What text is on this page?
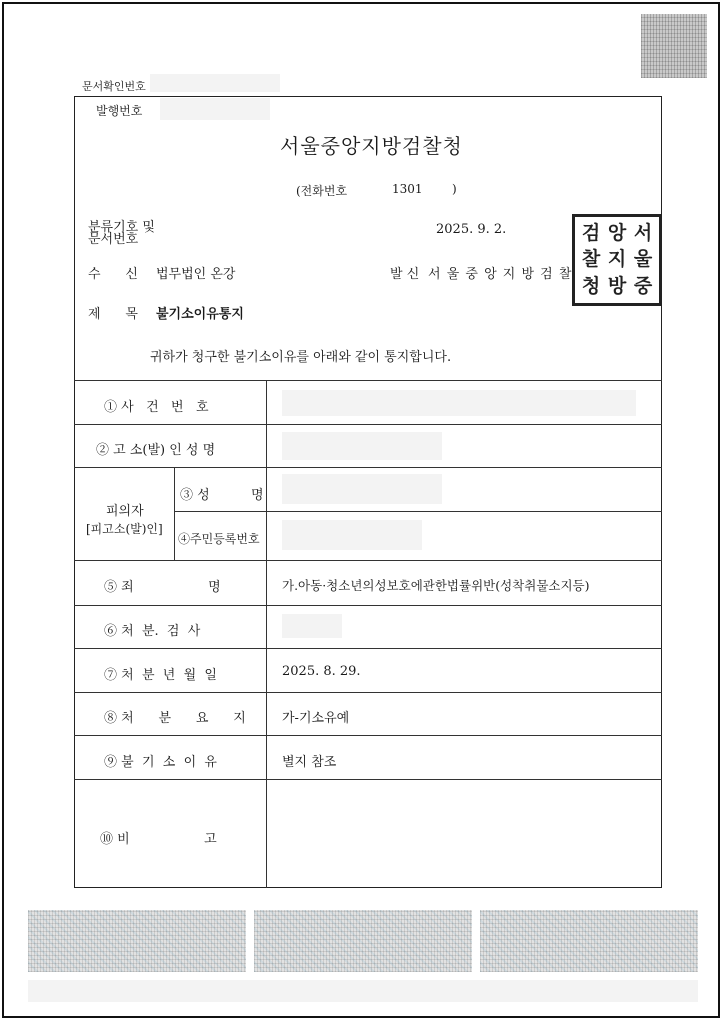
문서확인번호
발행번호
서울중앙지방검찰청
(전화번호	1301 )
분류기호 및
문서번호
2025. 9. 2.
수      신 법무법인 온강	발 신 서 울 중 앙 지 방 검 찰
검 앙 서
찰 지 울
청 방 중
제      목 불기소이유통지
귀하가 청구한 불기소이유를 아래와 같이 통지합니다.
① 사   건   번   호
② 고 소(발) 인 성 명
피의자
[피고소(발)인]
③ 성          명
④주민등록번호
⑤ 죄                  명
⑥ 처  분.  검  사
⑦ 처  분  년  월  일
⑧ 처      분      요      지
⑨ 불  기  소  이  유
⑩ 비                  고
가.아동·청소년의성보호에관한법률위반(성착취물소지등)
2025. 8. 29.
가-기소유예
별지 참조
